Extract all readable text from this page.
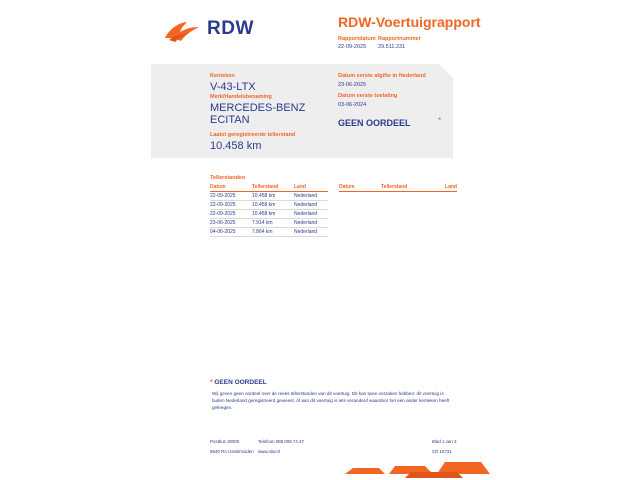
RDW	RDW-Voertuigrapport
Rapportdatum Rapportnummer
22-09-2025	29.511.231
Kenteken
V-43-LTX
Merk/Handelsbenaming
MERCEDES-BENZ
ECITAN
Laatst geregistreerde tellerstand
10.458 km
Datum eerste afgifte in Nederland
23-06-2025
Datum eerste toelating
03-06-2024
GEEN OORDEEL	*
Tellerstanden
Datum	Tellerstand	Land
22-09-2025	10.458 km	Nederland
22-09-2025	10.458 km	Nederland
22-09-2025	10.458 km	Nederland
23-06-2025	7.914 km	Nederland
04-06-2025	7.864 km	Nederland
Datum	Tellerstand	Land
* GEEN OORDEEL
Wij geven geen oordeel over de reeks tellerstanden van dit voertuig. Dit kan twee oorzaken hebben: dit voertuig is buiten Nederland geregistreerd geweest, óf aan dit voertuig is iets veranderd waardoor het een ander kenteken heeft gekregen.
Postbus 30000	Telefoon 088 008 74 47	Blad 1 van 3
9640 RA IJsselmuiden www.rdw.nl	CD 16731
